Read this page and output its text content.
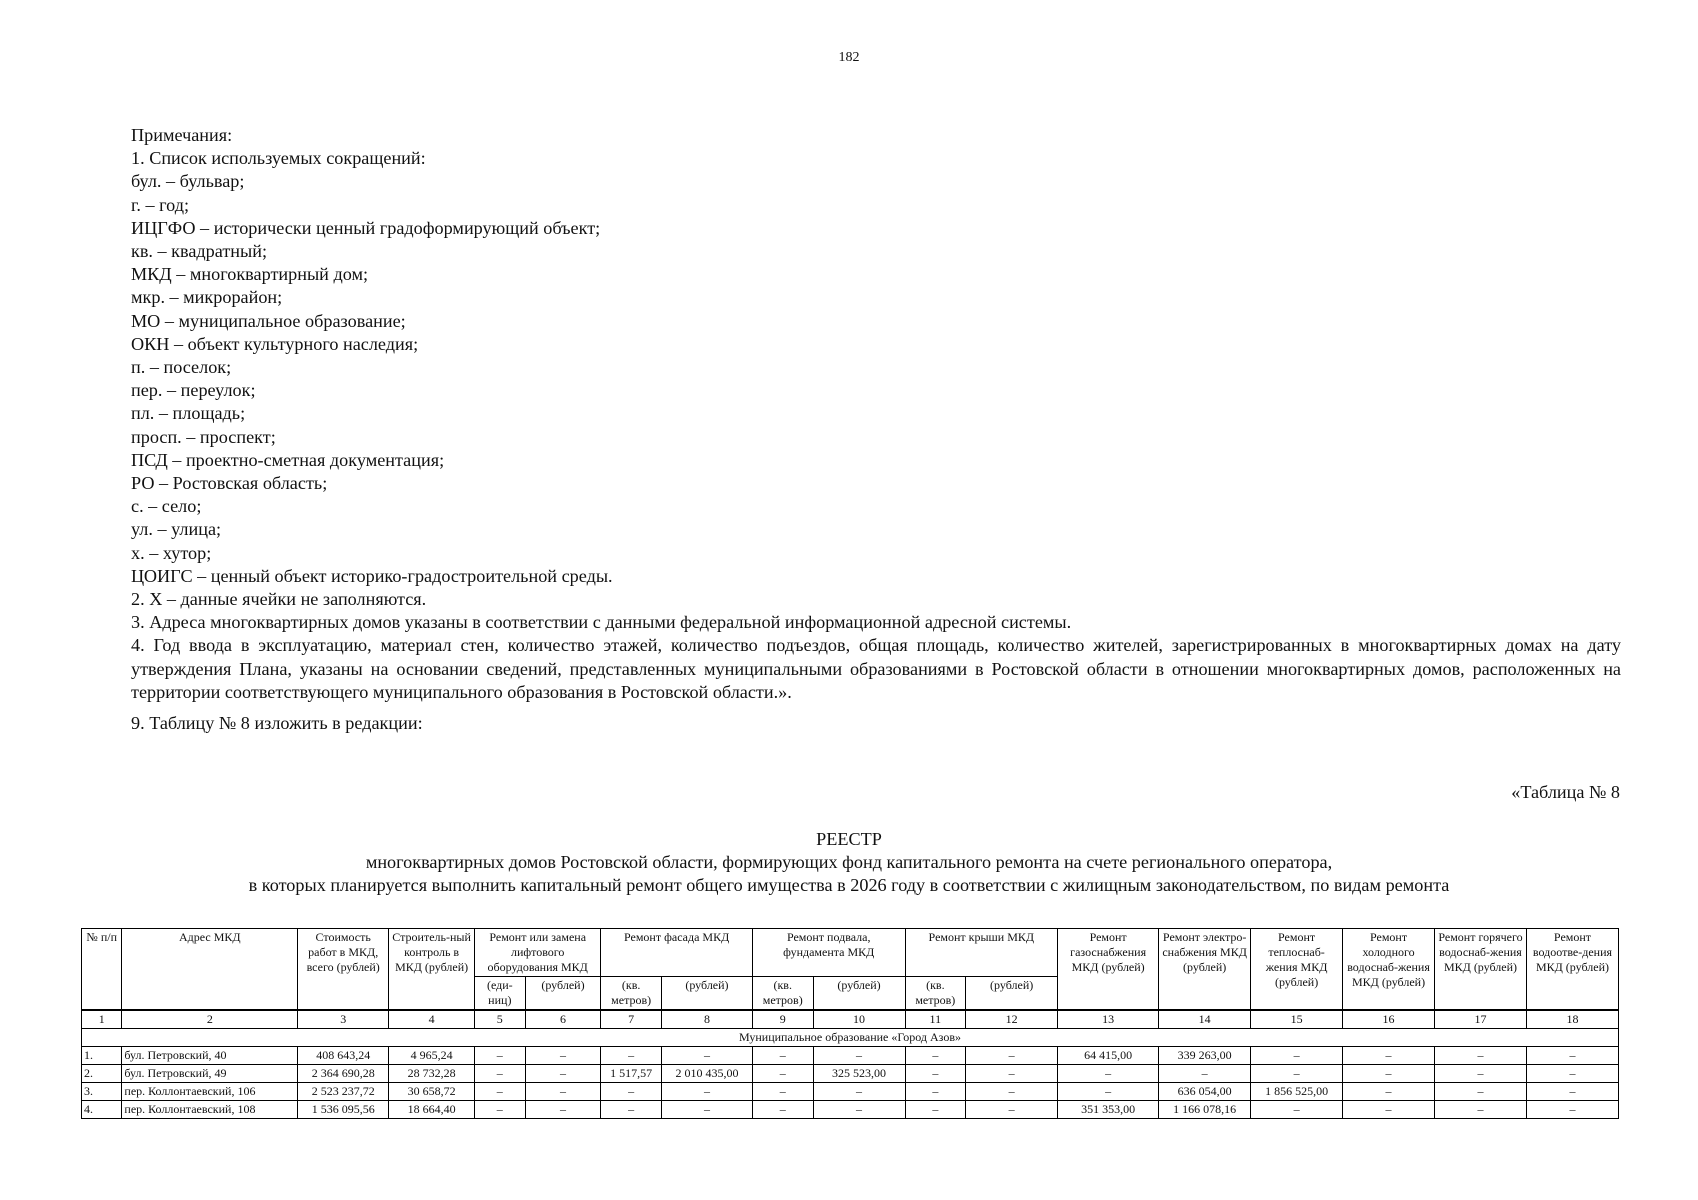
182
Примечания:
1. Список используемых сокращений:
бул. – бульвар;
г. – год;
ИЦГФО – исторически ценный градоформирующий объект;
кв. – квадратный;
МКД – многоквартирный дом;
мкр. – микрорайон;
МО – муниципальное образование;
ОКН – объект культурного наследия;
п. – поселок;
пер. – переулок;
пл. – площадь;
просп. – проспект;
ПСД – проектно-сметная документация;
РО – Ростовская область;
с. – село;
ул. – улица;
х. – хутор;
ЦОИГС – ценный объект историко-градостроительной среды.
2. Х – данные ячейки не заполняются.
3. Адреса многоквартирных домов указаны в соответствии с данными федеральной информационной адресной системы.
4. Год ввода в эксплуатацию, материал стен, количество этажей, количество подъездов, общая площадь, количество жителей, зарегистрированных в многоквартирных домах на дату утверждения Плана, указаны на основании сведений, представленных муниципальными образованиями в Ростовской области в отношении многоквартирных домов, расположенных на территории соответствующего муниципального образования в Ростовской области.».
9. Таблицу № 8 изложить в редакции:
«Таблица № 8
РЕЕСТР
многоквартирных домов Ростовской области, формирующих фонд капитального ремонта на счете регионального оператора,
в которых планируется выполнить капитальный ремонт общего имущества в 2026 году в соответствии с жилищным законодательством, по видам ремонта
№ п/п	Адрес МКД	Стоимость работ в МКД, всего (рублей)	Строитель-ный контроль в МКД (рублей)	Ремонт или замена лифтового оборудования МКД		Ремонт фасада МКД		Ремонт подвала, фундамента МКД		Ремонт крыши МКД		Ремонт газоснабжения МКД (рублей)	Ремонт электро-снабжения МКД (рублей)	Ремонт теплоснаб-жения МКД (рублей)	Ремонт холодного водоснаб-жения МКД (рублей)	Ремонт горячего водоснаб-жения МКД (рублей)	Ремонт водоотве-дения МКД (рублей)
				(еди-ниц)	(рублей)	(кв. метров)	(рублей)	(кв. метров)	(рублей)	(кв. метров)	(рублей)						
1	2	3	4	5	6	7	8	9	10	11	12	13	14	15	16	17	18
Муниципальное образование «Город Азов»																	
1.	бул. Петровский, 40	408 643,24	4 965,24	–	–	–	–	–	–	–	–	64 415,00	339 263,00	–	–	–	–
2.	бул. Петровский, 49	2 364 690,28	28 732,28	–	–	1 517,57	2 010 435,00	–	325 523,00	–	–	–	–	–	–	–	–
3.	пер. Коллонтаевский, 106	2 523 237,72	30 658,72	–	–	–	–	–	–	–	–	–	636 054,00	1 856 525,00	–	–	–
4.	пер. Коллонтаевский, 108	1 536 095,56	18 664,40	–	–	–	–	–	–	–	–	351 353,00	1 166 078,16	–	–	–	–
